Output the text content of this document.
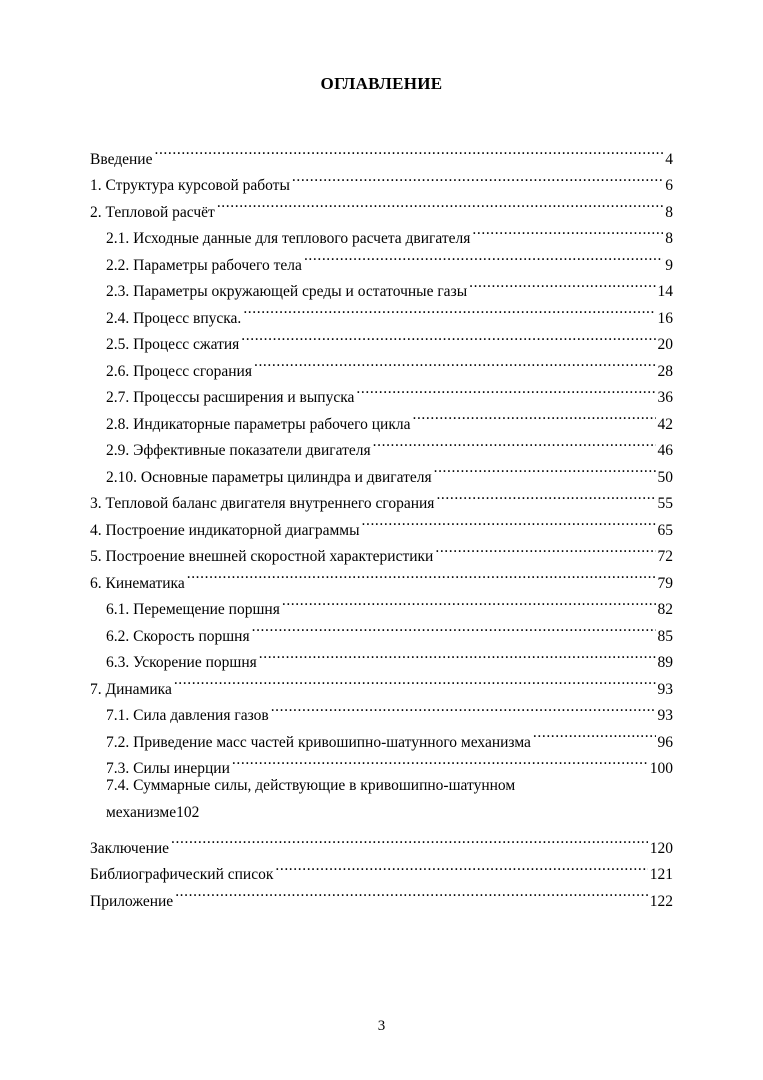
ОГЛАВЛЕНИЕ
Введение .....	4
1. Структура курсовой работы .....	6
2. Тепловой расчёт .....	8
2.1. Исходные данные для теплового расчета двигателя .....	8
2.2. Параметры рабочего тела .....	9
2.3. Параметры окружающей среды и остаточные газы .....	14
2.4. Процесс впуска. .....	16
2.5. Процесс сжатия .....	20
2.6. Процесс сгорания .....	28
2.7. Процессы расширения и выпуска .....	36
2.8. Индикаторные параметры рабочего цикла .....	42
2.9. Эффективные показатели двигателя .....	46
2.10. Основные параметры цилиндра и двигателя .....	50
3. Тепловой баланс двигателя внутреннего сгорания .....	55
4. Построение индикаторной диаграммы .....	65
5. Построение внешней скоростной характеристики .....	72
6. Кинематика .....	79
6.1. Перемещение поршня .....	82
6.2. Скорость поршня .....	85
6.3. Ускорение поршня .....	89
7. Динамика .....	93
7.1. Сила давления газов .....	93
7.2. Приведение масс частей кривошипно-шатунного механизма .....	96
7.3. Силы инерции .....	100
7.4. Суммарные силы, действующие в кривошипно-шатунном
механизме 102
Заключение .....	120
Библиографический список .....	121
Приложение .....	122
3
